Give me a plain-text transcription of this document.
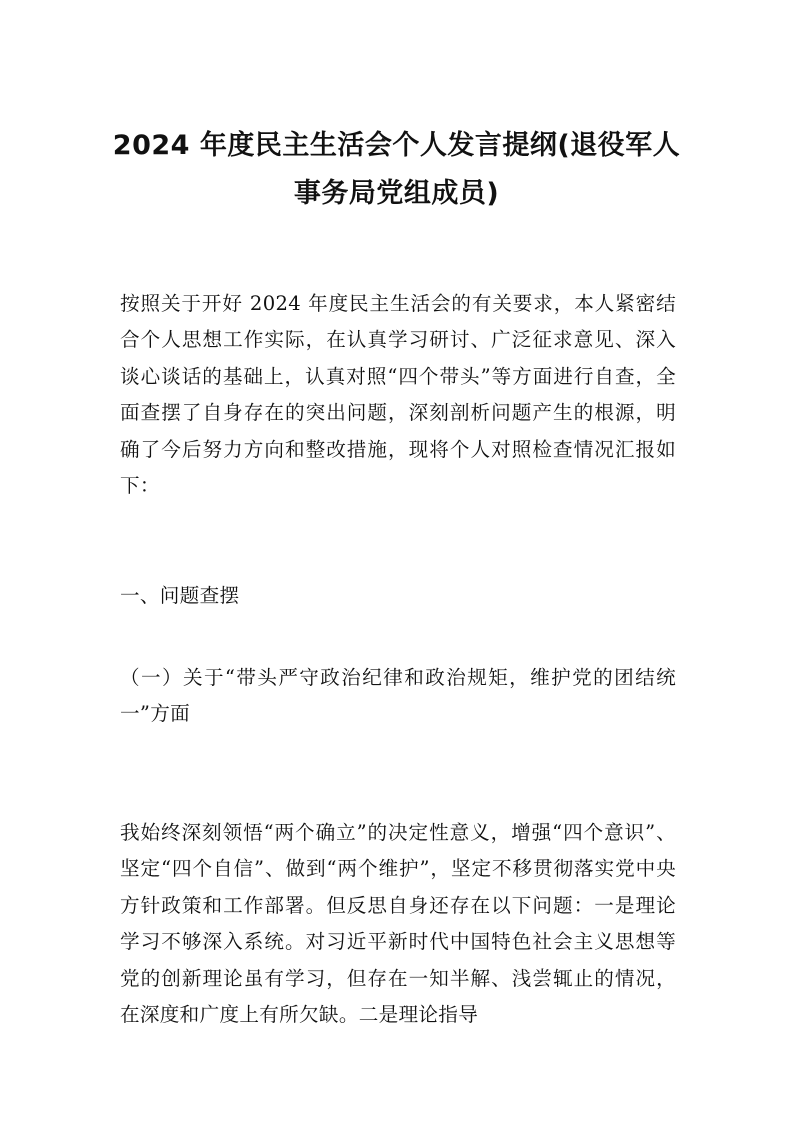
2024 年度民主生活会个人发言提纲(退役军人事务局党组成员)

按照关于开好 2024 年度民主生活会的有关要求，本人紧密结合个人思想工作实际，在认真学习研讨、广泛征求意见、深入谈心谈话的基础上，认真对照“四个带头”等方面进行自查，全面查摆了自身存在的突出问题，深刻剖析问题产生的根源，明确了今后努力方向和整改措施，现将个人对照检查情况汇报如下：

一、问题查摆

（一）关于“带头严守政治纪律和政治规矩，维护党的团结统一”方面

我始终深刻领悟“两个确立”的决定性意义，增强“四个意识”、坚定“四个自信”、做到“两个维护”，坚定不移贯彻落实党中央方针政策和工作部署。但反思自身还存在以下问题：一是理论学习不够深入系统。对习近平新时代中国特色社会主义思想等党的创新理论虽有学习，但存在一知半解、浅尝辄止的情况，在深度和广度上有所欠缺。二是理论指导
